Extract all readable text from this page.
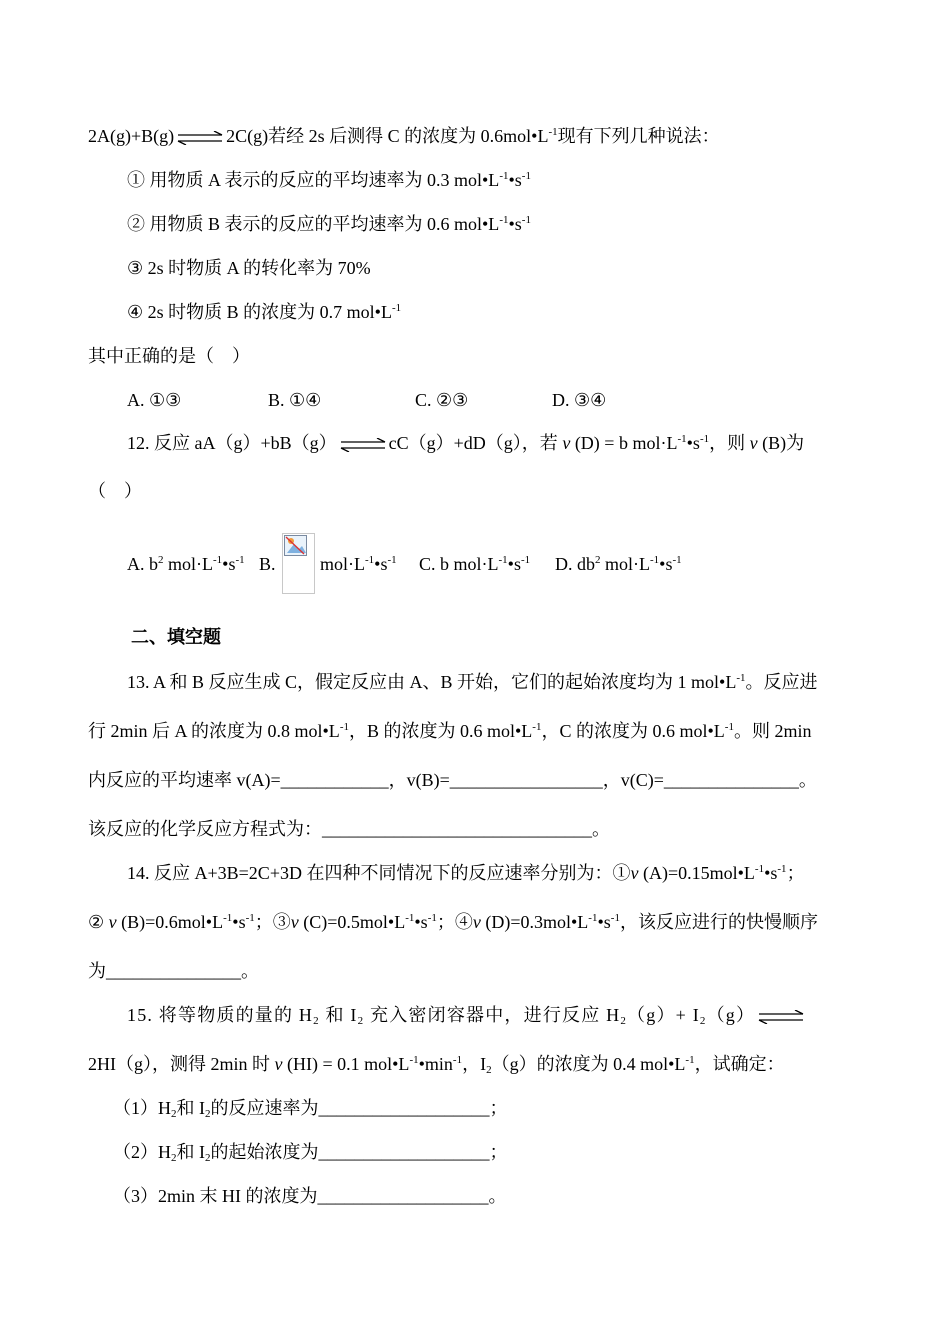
2A(g)+B(g) ⇌ 2C(g)若经 2s 后测得 C 的浓度为 $0.6mol•L^{-1}$现有下列几种说法：
① 用物质 A 表示的反应的平均速率为 0.3 $mol•L^{-1}•s^{-1}$
② 用物质 B 表示的反应的平均速率为 0.6 $mol•L^{-1}•s^{-1}$
③ 2s 时物质 A 的转化率为 70%
④ 2s 时物质 B 的浓度为 0.7 $mol•L^{-1}$
其中正确的是（　）
A. ①③	B. ①④	C. ②③	D. ③④
12. 反应 aA（g）+bB（g） ⇌ cC（g）+dD（g），若 v (D) = b $mol\cdot L^{-1}•s^{-1}$，则 v (B)为
（　）
A. $b^2$ $mol\cdot L^{-1}•s^{-1}$ B. $mol\cdot L^{-1}•s^{-1}$ C. b $mol\cdot L^{-1}•s^{-1}$ D. $db^2$ $mol\cdot L^{-1}•s^{-1}$
二、填空题
13. A 和 B 反应生成 C，假定反应由 A、B 开始，它们的起始浓度均为 1 $mol•L^{-1}$。反应进
行 2min 后 A 的浓度为 0.8 $mol•L^{-1}$，B 的浓度为 0.6 $mol•L^{-1}$，C 的浓度为 0.6 $mol•L^{-1}$。则 2min
内反应的平均速率 v(A)=____________，v(B)=_________________，v(C)=_______________。
该反应的化学反应方程式为：______________________________。
14. 反应 A+3B=2C+3D 在四种不同情况下的反应速率分别为：①v $(A)=0.15mol•L^{-1}•s^{-1}$；
② v $(B)=0.6mol•L^{-1}•s^{-1}$；③v $(C)=0.5mol•L^{-1}•s^{-1}$；④v $(D)=0.3mol•L^{-1}•s^{-1}$，该反应进行的快慢顺序
为_______________。
15. 将等物质的量的 $H_2$ 和 $I_2$ 充入密闭容器中，进行反应 $H_2(g)+ I_2(g)$ ⇌
2HI（g），测得 2min 时 v (HI) = 0.1 $mol•L^{-1}•\min^{-1}$，$I_2(g)$的浓度为 0.4 $mol•L^{-1}$，试确定：
$(1)H_2$和 $I_2$的反应速率为___________________；
$(2)H_2$和 $I_2$的起始浓度为___________________；
（3）2min 末 HI 的浓度为___________________。
